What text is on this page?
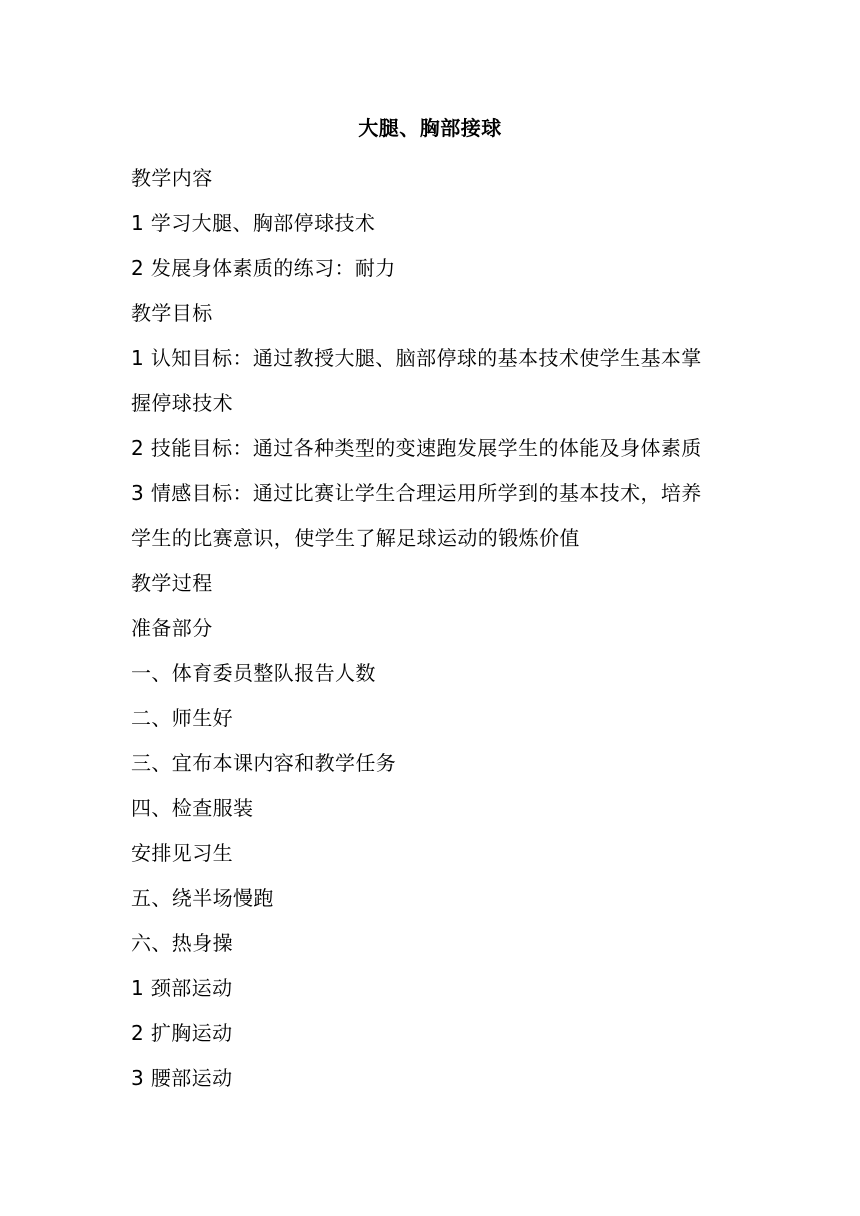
大腿、胸部接球
教学内容
1 学习大腿、胸部停球技术
2 发展身体素质的练习：耐力
教学目标
1 认知目标：通过教授大腿、脑部停球的基本技术使学生基本掌
握停球技术
2 技能目标：通过各种类型的变速跑发展学生的体能及身体素质
3 情感目标：通过比赛让学生合理运用所学到的基本技术，培养
学生的比赛意识，使学生了解足球运动的锻炼价值
教学过程
准备部分
一、体育委员整队报告人数
二、师生好
三、宜布本课内容和教学任务
四、检查服装
安排见习生
五、绕半场慢跑
六、热身操
1 颈部运动
2 扩胸运动
3 腰部运动
